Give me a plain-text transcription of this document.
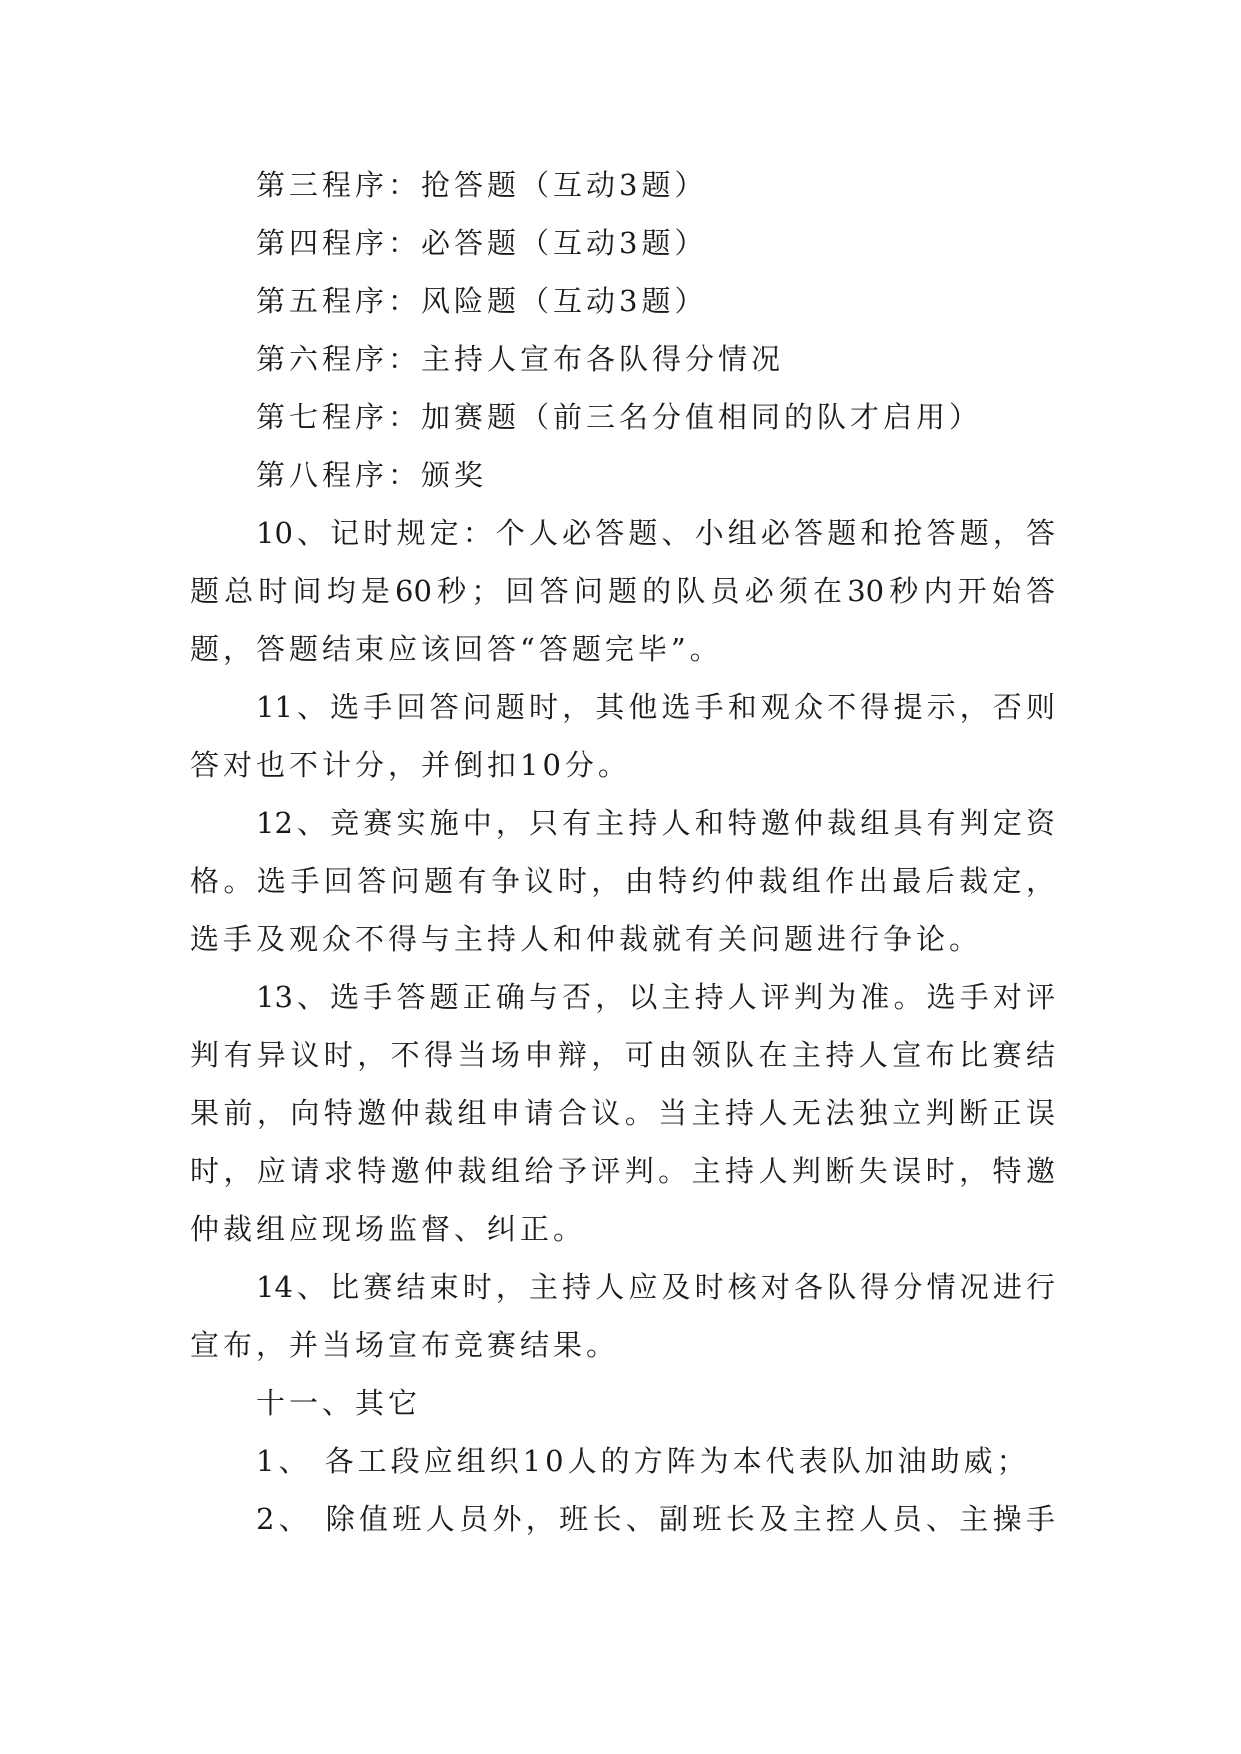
第三程序：抢答题（互动3题）
第四程序：必答题（互动3题）
第五程序：风险题（互动3题）
第六程序：主持人宣布各队得分情况
第七程序：加赛题（前三名分值相同的队才启用）
第八程序：颁奖
10、记时规定：个人必答题、小组必答题和抢答题，答
题总时间均是60秒；回答问题的队员必须在30秒内开始答
题，答题结束应该回答“答题完毕”。
11、选手回答问题时，其他选手和观众不得提示，否则
答对也不计分，并倒扣10分。
12、竞赛实施中，只有主持人和特邀仲裁组具有判定资
格。选手回答问题有争议时，由特约仲裁组作出最后裁定，
选手及观众不得与主持人和仲裁就有关问题进行争论。
13、选手答题正确与否，以主持人评判为准。选手对评
判有异议时，不得当场申辩，可由领队在主持人宣布比赛结
果前，向特邀仲裁组申请合议。当主持人无法独立判断正误
时，应请求特邀仲裁组给予评判。主持人判断失误时，特邀
仲裁组应现场监督、纠正。
14、比赛结束时，主持人应及时核对各队得分情况进行
宣布，并当场宣布竞赛结果。
十一、其它
1、 各工段应组织10人的方阵为本代表队加油助威；
2、 除值班人员外，班长、副班长及主控人员、主操手
